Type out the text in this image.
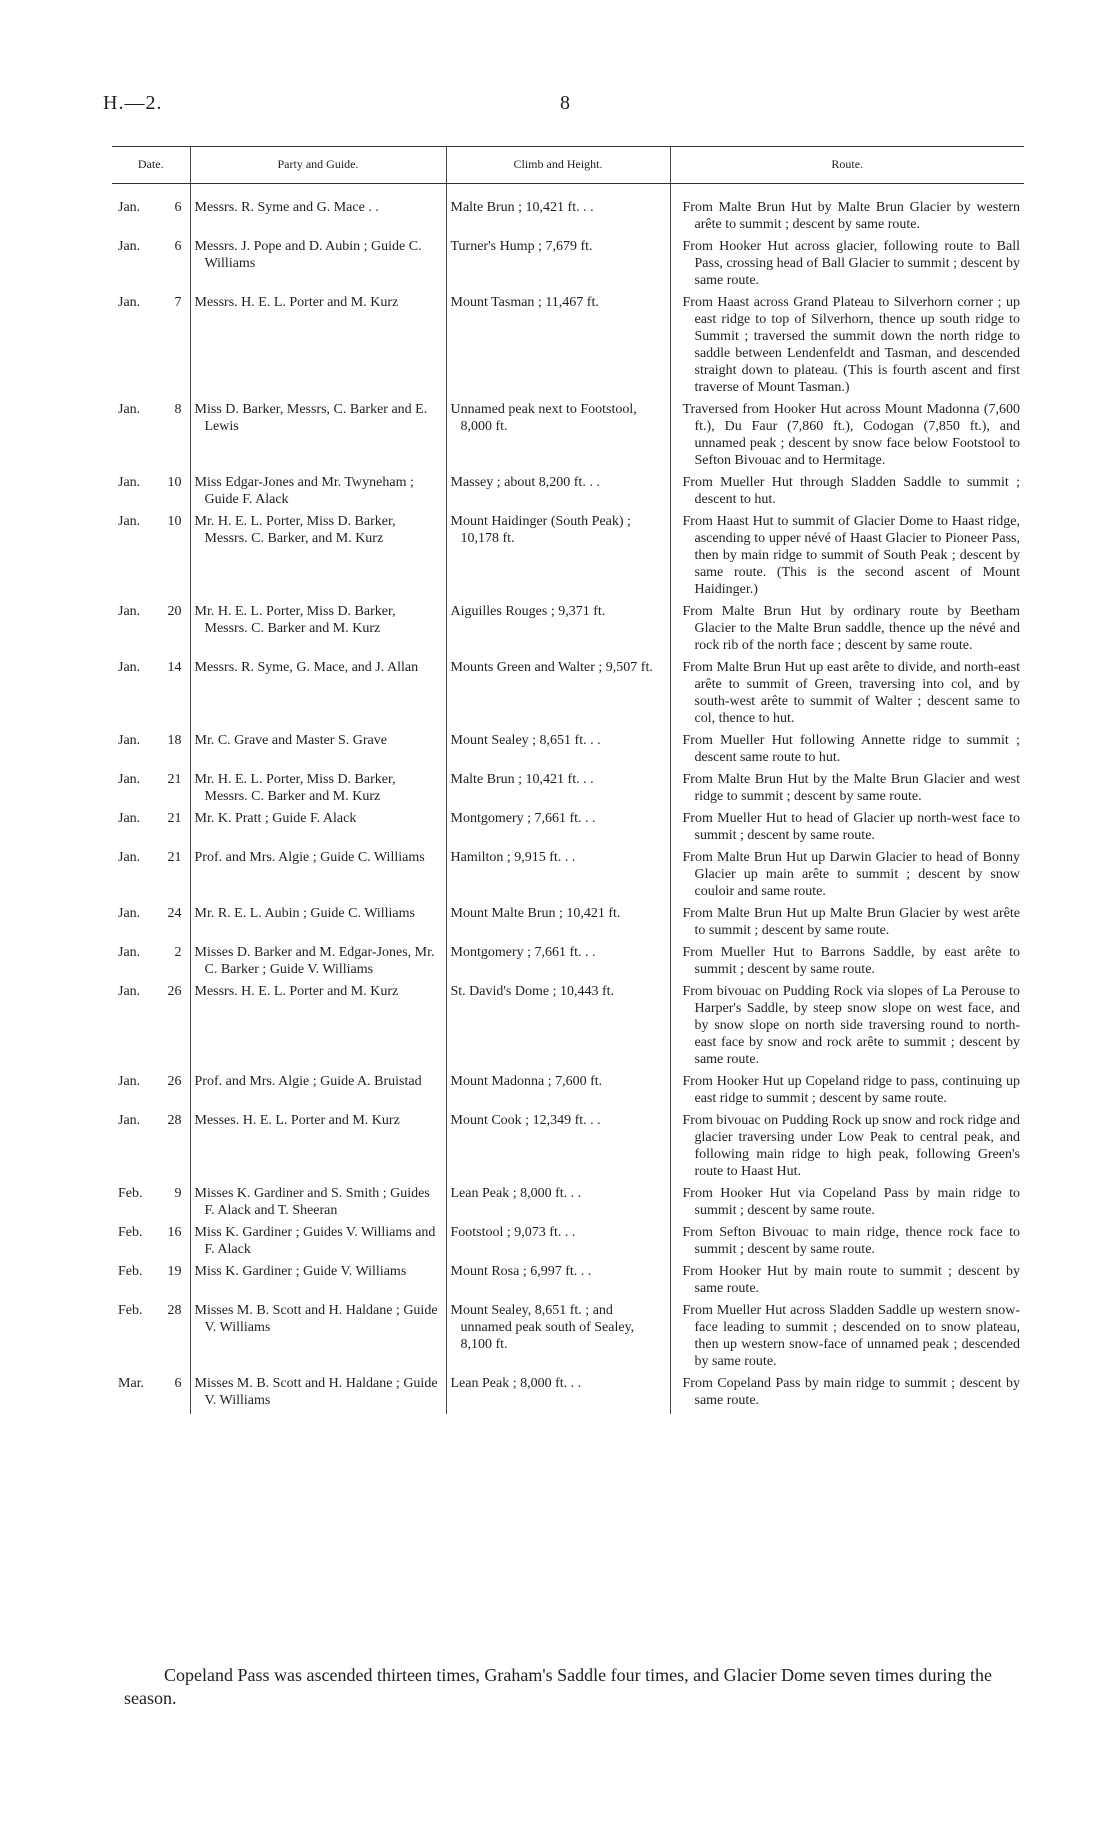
H.—2.	8
Date.	Party and Guide.	Climb and Height.	Route.

Jan. 6	Messrs. R. Syme and G. Mace . .	Malte Brun ; 10,421 ft. . .	From Malte Brun Hut by Malte Brun Glacier by western arête to summit ; descent by same route.

Jan. 6	Messrs. J. Pope and D. Aubin ; Guide C. Williams	Turner's Hump ; 7,679 ft.	From Hooker Hut across glacier, following route to Ball Pass, crossing head of Ball Glacier to summit ; descent by same route.

Jan. 7	Messrs. H. E. L. Porter and M. Kurz	Mount Tasman ; 11,467 ft.	From Haast across Grand Plateau to Silverhorn corner ; up east ridge to top of Silverhorn, thence up south ridge to Summit ; traversed the summit down the north ridge to saddle between Lendenfeldt and Tasman, and descended straight down to plateau. (This is fourth ascent and first traverse of Mount Tasman.)

Jan. 8	Miss D. Barker, Messrs, C. Barker and E. Lewis	Unnamed peak next to Footstool, 8,000 ft.	Traversed from Hooker Hut across Mount Madonna (7,600 ft.), Du Faur (7,860 ft.), Codogan (7,850 ft.), and unnamed peak ; descent by snow face below Footstool to Sefton Bivouac and to Hermitage.

Jan. 10	Miss Edgar-Jones and Mr. Twyneham ; Guide F. Alack	Massey ; about 8,200 ft. . .	From Mueller Hut through Sladden Saddle to summit ; descent to hut.

Jan. 10	Mr. H. E. L. Porter, Miss D. Barker, Messrs. C. Barker, and M. Kurz	Mount Haidinger (South Peak) ; 10,178 ft.	From Haast Hut to summit of Glacier Dome to Haast ridge, ascending to upper névé of Haast Glacier to Pioneer Pass, then by main ridge to summit of South Peak ; descent by same route. (This is the second ascent of Mount Haidinger.)

Jan. 20	Mr. H. E. L. Porter, Miss D. Barker, Messrs. C. Barker and M. Kurz	Aiguilles Rouges ; 9,371 ft.	From Malte Brun Hut by ordinary route by Beetham Glacier to the Malte Brun saddle, thence up the névé and rock rib of the north face ; descent by same route.

Jan. 14	Messrs. R. Syme, G. Mace, and J. Allan	Mounts Green and Walter ; 9,507 ft.	From Malte Brun Hut up east arête to divide, and north-east arête to summit of Green, traversing into col, and by south-west arête to summit of Walter ; descent same to col, thence to hut.

Jan. 18	Mr. C. Grave and Master S. Grave	Mount Sealey ; 8,651 ft. . .	From Mueller Hut following Annette ridge to summit ; descent same route to hut.

Jan. 21	Mr. H. E. L. Porter, Miss D. Barker, Messrs. C. Barker and M. Kurz	Malte Brun ; 10,421 ft. . .	From Malte Brun Hut by the Malte Brun Glacier and west ridge to summit ; descent by same route.

Jan. 21	Mr. K. Pratt ; Guide F. Alack	Montgomery ; 7,661 ft. . .	From Mueller Hut to head of Glacier up north-west face to summit ; descent by same route.

Jan. 21	Prof. and Mrs. Algie ; Guide C. Williams	Hamilton ; 9,915 ft. . .	From Malte Brun Hut up Darwin Glacier to head of Bonny Glacier up main arête to summit ; descent by snow couloir and same route.

Jan. 24	Mr. R. E. L. Aubin ; Guide C. Williams	Mount Malte Brun ; 10,421 ft.	From Malte Brun Hut up Malte Brun Glacier by west arête to summit ; descent by same route.

Jan. 2	Misses D. Barker and M. Edgar-Jones, Mr. C. Barker ; Guide V. Williams	Montgomery ; 7,661 ft. . .	From Mueller Hut to Barrons Saddle, by east arête to summit ; descent by same route.

Jan. 26	Messrs. H. E. L. Porter and M. Kurz	St. David's Dome ; 10,443 ft.	From bivouac on Pudding Rock via slopes of La Perouse to Harper's Saddle, by steep snow slope on west face, and by snow slope on north side traversing round to north-east face by snow and rock arête to summit ; descent by same route.

Jan. 26	Prof. and Mrs. Algie ; Guide A. Bruistad	Mount Madonna ; 7,600 ft.	From Hooker Hut up Copeland ridge to pass, continuing up east ridge to summit ; descent by same route.

Jan. 28	Messes. H. E. L. Porter and M. Kurz	Mount Cook ; 12,349 ft. . .	From bivouac on Pudding Rock up snow and rock ridge and glacier traversing under Low Peak to central peak, and following main ridge to high peak, following Green's route to Haast Hut.

Feb. 9	Misses K. Gardiner and S. Smith ; Guides F. Alack and T. Sheeran	Lean Peak ; 8,000 ft. . .	From Hooker Hut via Copeland Pass by main ridge to summit ; descent by same route.

Feb. 16	Miss K. Gardiner ; Guides V. Williams and F. Alack	Footstool ; 9,073 ft. . .	From Sefton Bivouac to main ridge, thence rock face to summit ; descent by same route.

Feb. 19	Miss K. Gardiner ; Guide V. Williams	Mount Rosa ; 6,997 ft. . .	From Hooker Hut by main route to summit ; descent by same route.

Feb. 28	Misses M. B. Scott and H. Haldane ; Guide V. Williams	Mount Sealey, 8,651 ft. ; and unnamed peak south of Sealey, 8,100 ft.	From Mueller Hut across Sladden Saddle up western snow-face leading to summit ; descended on to snow plateau, then up western snow-face of unnamed peak ; descended by same route.

Mar. 6	Misses M. B. Scott and H. Haldane ; Guide V. Williams	Lean Peak ; 8,000 ft. . .	From Copeland Pass by main ridge to summit ; descent by same route.
Copeland Pass was ascended thirteen times, Graham's Saddle four times, and Glacier Dome seven times during the season.
